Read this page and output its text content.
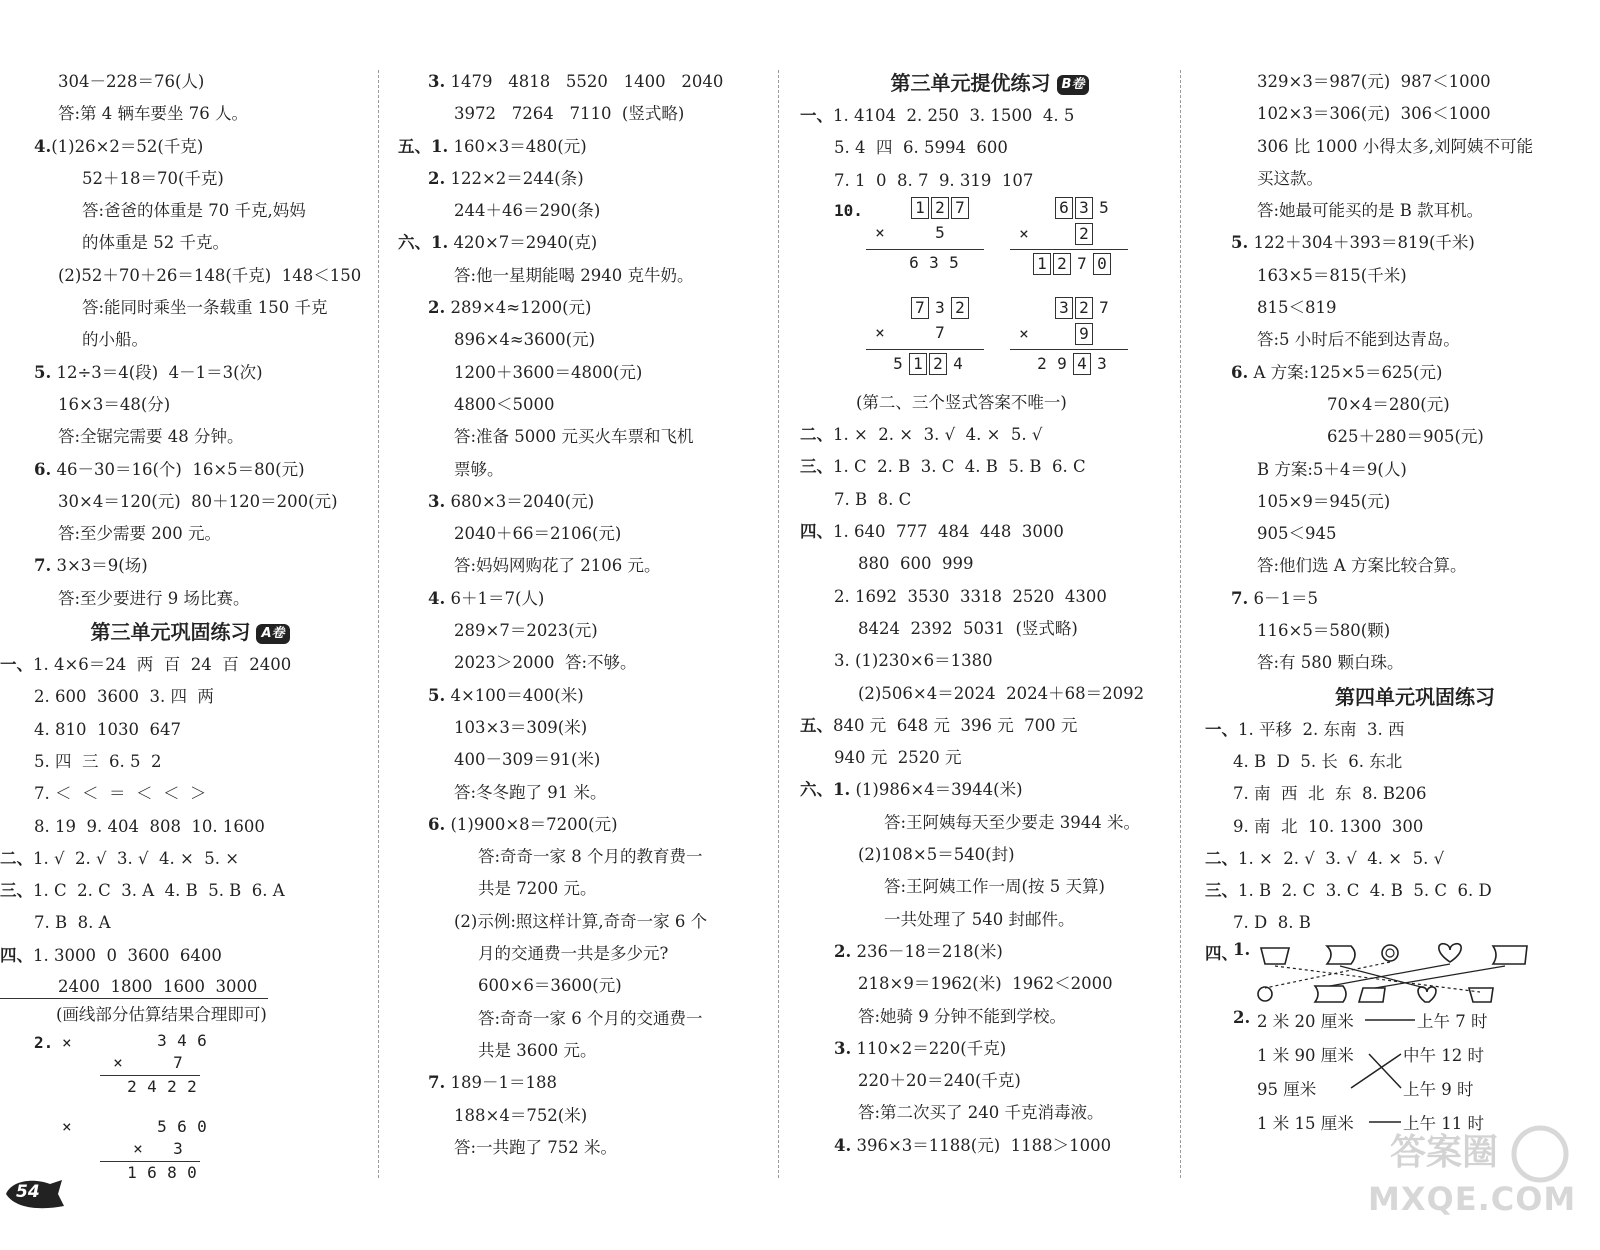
304－228＝76(人)
答:第 4 辆车要坐 76 人。
4.(1)26×2＝52(千克)
52＋18＝70(千克)
答:爸爸的体重是 70 千克,妈妈
的体重是 52 千克。
(2)52＋70＋26＝148(千克)  148＜150
答:能同时乘坐一条载重 150 千克
的小船。
5. 12÷3＝4(段)  4－1＝3(次)
16×3＝48(分)
答:全锯完需要 48 分钟。
6. 46－30＝16(个)  16×5＝80(元)
30×4＝120(元)  80＋120＝200(元)
答:至少需要 200 元。
7. 3×3＝9(场)
答:至少要进行 9 场比赛。
第三单元巩固练习 A卷
一、1. 4×6＝24  两  百  24  百  2400
2. 600  3600  3. 四  两
4. 810  1030  647
5. 四  三  6. 5  2
7. ＜  ＜  ＝  ＜  ＜  ＞
8. 19  9. 404  808  10. 1600
二、1. √  2. √  3. √  4. ×  5. ×
三、1. C  2. C  3. A  4. B  5. B  6. A
7. B  8. A
四、1. 3000  0  3600  6400
2400  1800  1600  3000
(画线部分估算结果合理即可)
2. ×	3 4 6
×	7
2 4 2 2
×	5 6 0
× 3
1 6 8 0
3. 1479   4818   5520   1400   2040
3972   7264   7110  (竖式略)
五、1. 160×3＝480(元)
2. 122×2＝244(条)
244＋46＝290(条)
六、1. 420×7＝2940(克)
答:他一星期能喝 2940 克牛奶。
2. 289×4≈1200(元)
896×4≈3600(元)
1200＋3600＝4800(元)
4800＜5000
答:准备 5000 元买火车票和飞机
票够。
3. 680×3＝2040(元)
2040＋66＝2106(元)
答:妈妈网购花了 2106 元。
4. 6＋1＝7(人)
289×7＝2023(元)
2023＞2000  答:不够。
5. 4×100＝400(米)
103×3＝309(米)
400－309＝91(米)
答:冬冬跑了 91 米。
6. (1)900×8＝7200(元)
答:奇奇一家 8 个月的教育费一
共是 7200 元。
(2)示例:照这样计算,奇奇一家 6 个
月的交通费一共是多少元?
600×6＝3600(元)
答:奇奇一家 6 个月的交通费一
共是 3600 元。
7. 189－1＝188
188×4＝752(米)
答:一共跑了 752 米。
第三单元提优练习 B卷
一、1. 4104  2. 250  3. 1500  4. 5
5. 4  四  6. 5994  600
7. 1  0  8. 7  9. 319  107
10.	1 2 7
×	5
6 3 5
6 3 5
×	2
1 2 7 0
7 3 2
×	7
5 1 2 4
3 2 7
×	9
2 9 4 3
(第二、三个竖式答案不唯一)
二、1. ×  2. ×  3. √  4. ×  5. √
三、1. C  2. B  3. C  4. B  5. B  6. C
7. B  8. C
四、1. 640  777  484  448  3000
880  600  999
2. 1692  3530  3318  2520  4300
8424  2392  5031  (竖式略)
3. (1)230×6＝1380
(2)506×4＝2024  2024＋68＝2092
五、840 元  648 元  396 元  700 元
940 元  2520 元
六、1. (1)986×4＝3944(米)
答:王阿姨每天至少要走 3944 米。
(2)108×5＝540(封)
答:王阿姨工作一周(按 5 天算)
一共处理了 540 封邮件。
2. 236－18＝218(米)
218×9＝1962(米)  1962＜2000
答:她骑 9 分钟不能到学校。
3. 110×2＝220(千克)
220＋20＝240(千克)
答:第二次买了 240 千克消毒液。
4. 396×3＝1188(元)  1188＞1000
329×3＝987(元)  987＜1000
102×3＝306(元)  306＜1000
306 比 1000 小得太多,刘阿姨不可能
买这款。
答:她最可能买的是 B 款耳机。
5. 122＋304＋393＝819(千米)
163×5＝815(千米)
815＜819
答:5 小时后不能到达青岛。
6. A 方案:125×5＝625(元)
70×4＝280(元)
625＋280＝905(元)
B 方案:5＋4＝9(人)
105×9＝945(元)
905＜945
答:他们选 A 方案比较合算。
7. 6－1＝5
116×5＝580(颗)
答:有 580 颗白珠。
第四单元巩固练习
一、1. 平移  2. 东南  3. 西
4. B  D  5. 长  6. 东北
7. 南  西  北  东  8. B206
9. 南  北  10. 1300  300
二、1. ×  2. √  3. √  4. ×  5. √
三、1. B  2. C  3. C  4. B  5. C  6. D
7. D  8. B
四、
1.
2. 2 米 20 厘米
1 米 90 厘米
95 厘米
1 米 15 厘米
上午 7 时
中午 12 时
上午 9 时
上午 11 时
54
答案圈
MXQE.COM
